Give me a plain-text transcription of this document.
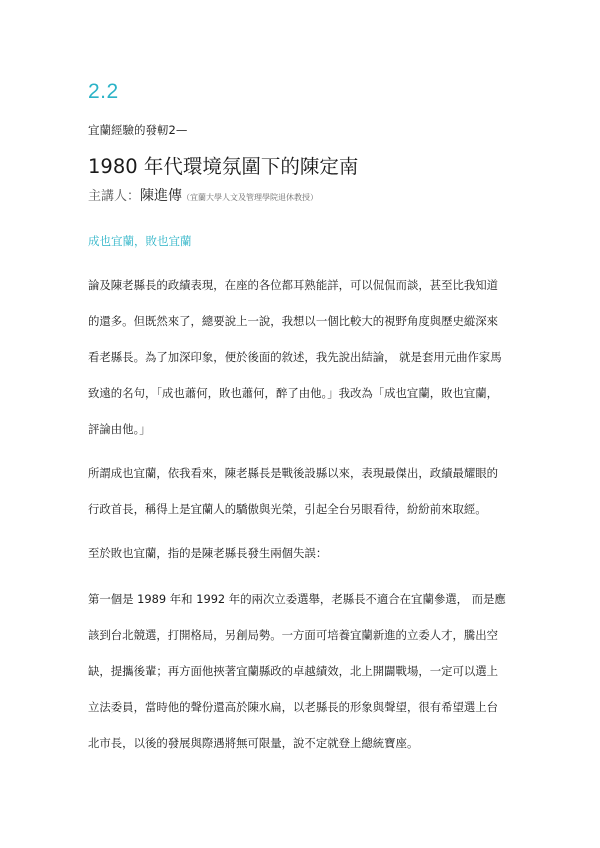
2.2
宜蘭經驗的發軔2—
1980 年代環境氛圍下的陳定南
主講人：陳進傳（宜蘭大學人文及管理學院退休教授）
成也宜蘭，敗也宜蘭
論及陳老縣長的政績表現，在座的各位都耳熟能詳，可以侃侃而談，甚至比我知道
的還多。但既然來了，總要說上一說，我想以一個比較大的視野角度與歷史縱深來
看老縣長。為了加深印象，便於後面的敘述，我先說出結論， 就是套用元曲作家馬
致遠的名句，「成也蕭何，敗也蕭何，醉了由他。」我改為「成也宜蘭，敗也宜蘭，
評論由他。」
所謂成也宜蘭，依我看來，陳老縣長是戰後設縣以來，表現最傑出，政績最耀眼的
行政首長，稱得上是宜蘭人的驕傲與光榮，引起全台另眼看待，紛紛前來取經。
至於敗也宜蘭，指的是陳老縣長發生兩個失誤：
第一個是 1989 年和 1992 年的兩次立委選舉，老縣長不適合在宜蘭參選， 而是應
該到台北競選，打開格局，另創局勢。一方面可培養宜蘭新進的立委人才，騰出空
缺，提攜後輩；再方面他挾著宜蘭縣政的卓越績效，北上開闢戰場，一定可以選上
立法委員，當時他的聲份還高於陳水扁，以老縣長的形象與聲望，很有希望選上台
北市長，以後的發展與際遇將無可限量，說不定就登上總統寶座。
